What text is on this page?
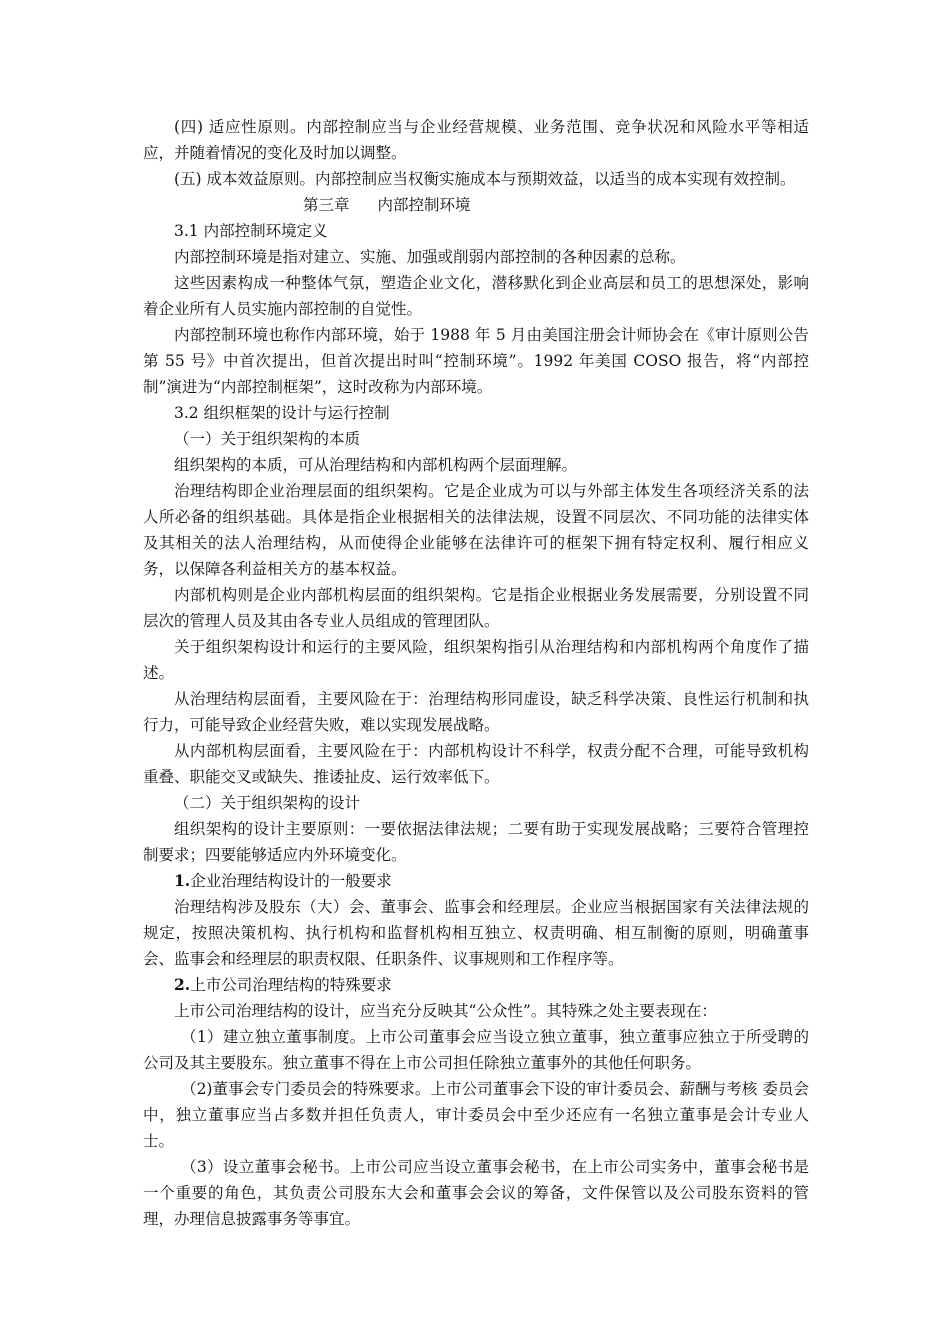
(四) 适应性原则。内部控制应当与企业经营规模、业务范围、竞争状况和风险水平等相适应，并随着情况的变化及时加以调整。

(五) 成本效益原则。内部控制应当权衡实施成本与预期效益，以适当的成本实现有效控制。

第三章 内部控制环境

3.1 内部控制环境定义

内部控制环境是指对建立、实施、加强或削弱内部控制的各种因素的总称。

这些因素构成一种整体气氛，塑造企业文化，潜移默化到企业高层和员工的思想深处，影响着企业所有人员实施内部控制的自觉性。

内部控制环境也称作内部环境，始于 1988 年 5 月由美国注册会计师协会在《审计原则公告第 55 号》中首次提出，但首次提出时叫“控制环境”。1992 年美国 COSO 报告，将“内部控制”演进为“内部控制框架”，这时改称为内部环境。

3.2 组织框架的设计与运行控制

（一）关于组织架构的本质

组织架构的本质，可从治理结构和内部机构两个层面理解。

治理结构即企业治理层面的组织架构。它是企业成为可以与外部主体发生各项经济关系的法人所必备的组织基础。具体是指企业根据相关的法律法规，设置不同层次、不同功能的法律实体及其相关的法人治理结构，从而使得企业能够在法律许可的框架下拥有特定权利、履行相应义务，以保障各利益相关方的基本权益。

内部机构则是企业内部机构层面的组织架构。它是指企业根据业务发展需要，分别设置不同层次的管理人员及其由各专业人员组成的管理团队。

关于组织架构设计和运行的主要风险，组织架构指引从治理结构和内部机构两个角度作了描述。

从治理结构层面看，主要风险在于：治理结构形同虚设，缺乏科学决策、良性运行机制和执行力，可能导致企业经营失败，难以实现发展战略。

从内部机构层面看，主要风险在于：内部机构设计不科学，权责分配不合理，可能导致机构重叠、职能交叉或缺失、推诿扯皮、运行效率低下。

（二）关于组织架构的设计

组织架构的设计主要原则：一要依据法律法规；二要有助于实现发展战略；三要符合管理控制要求；四要能够适应内外环境变化。

1.企业治理结构设计的一般要求

治理结构涉及股东（大）会、董事会、监事会和经理层。企业应当根据国家有关法律法规的规定，按照决策机构、执行机构和监督机构相互独立、权责明确、相互制衡的原则，明确董事会、监事会和经理层的职责权限、任职条件、议事规则和工作程序等。

2.上市公司治理结构的特殊要求

上市公司治理结构的设计，应当充分反映其“公众性”。其特殊之处主要表现在：

（1）建立独立董事制度。上市公司董事会应当设立独立董事，独立董事应独立于所受聘的公司及其主要股东。独立董事不得在上市公司担任除独立董事外的其他任何职务。

（2)董事会专门委员会的特殊要求。上市公司董事会下设的审计委员会、薪酬与考核 委员会中，独立董事应当占多数并担任负责人，审计委员会中至少还应有一名独立董事是会计专业人士。

（3）设立董事会秘书。上市公司应当设立董事会秘书，在上市公司实务中，董事会秘书是一个重要的角色，其负责公司股东大会和董事会会议的筹备，文件保管以及公司股东资料的管理，办理信息披露事务等事宜。
